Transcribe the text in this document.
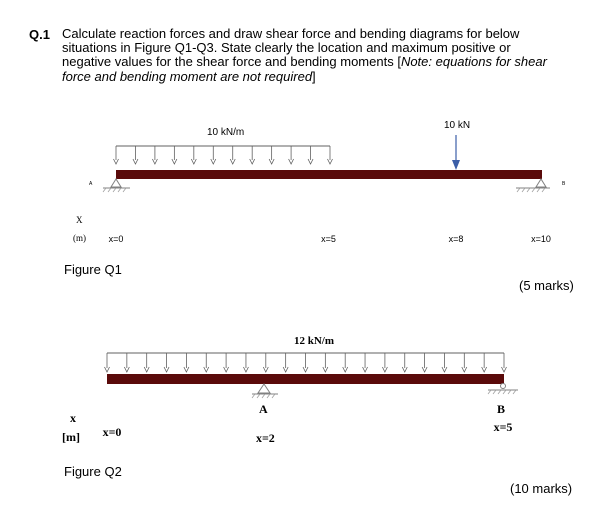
Q.1 Calculate reaction forces and draw shear force and bending diagrams for below situations in Figure Q1-Q3. State clearly the location and maximum positive or negative values for the shear force and bending moments [Note: equations for shear force and bending moment are not required]
Figure Q1
(5 marks)
Figure Q2
(10 marks)
10 kN/m
10 kN
A	B
X
(m)	x=0	x=5	x=8	x=10
12 kN/m
A	B
x
[m] x=0	x=2
x=5
